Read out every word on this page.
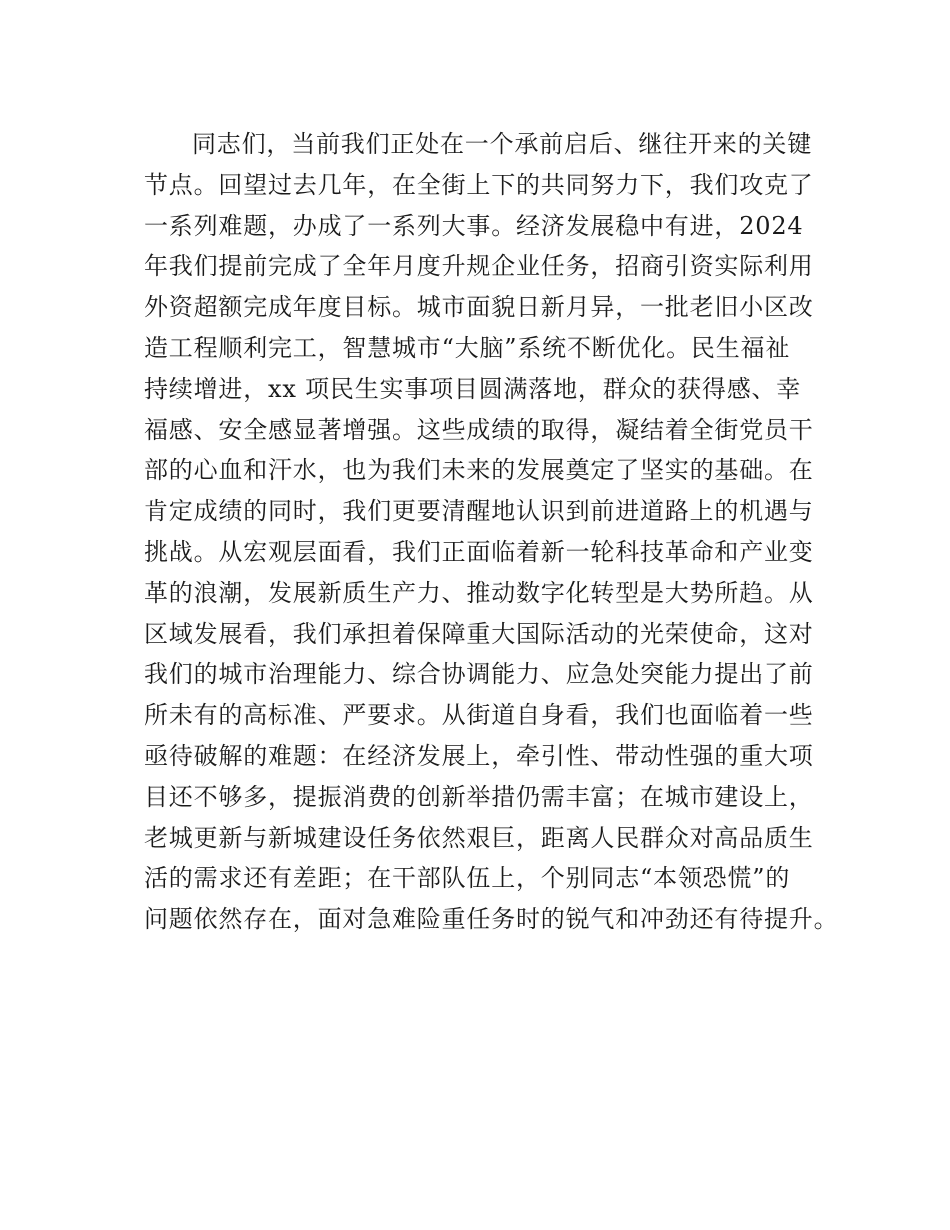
同志们，当前我们正处在一个承前启后、继往开来的关键
节点。回望过去几年，在全街上下的共同努力下，我们攻克了
一系列难题，办成了一系列大事。经济发展稳中有进，2024
年我们提前完成了全年月度升规企业任务，招商引资实际利用
外资超额完成年度目标。城市面貌日新月异，一批老旧小区改
造工程顺利完工，智慧城市“大脑”系统不断优化。民生福祉
持续增进，xx 项民生实事项目圆满落地，群众的获得感、幸
福感、安全感显著增强。这些成绩的取得，凝结着全街党员干
部的心血和汗水，也为我们未来的发展奠定了坚实的基础。在
肯定成绩的同时，我们更要清醒地认识到前进道路上的机遇与
挑战。从宏观层面看，我们正面临着新一轮科技革命和产业变
革的浪潮，发展新质生产力、推动数字化转型是大势所趋。从
区域发展看，我们承担着保障重大国际活动的光荣使命，这对
我们的城市治理能力、综合协调能力、应急处突能力提出了前
所未有的高标准、严要求。从街道自身看，我们也面临着一些
亟待破解的难题：在经济发展上，牵引性、带动性强的重大项
目还不够多，提振消费的创新举措仍需丰富；在城市建设上，
老城更新与新城建设任务依然艰巨，距离人民群众对高品质生
活的需求还有差距；在干部队伍上，个别同志“本领恐慌”的
问题依然存在，面对急难险重任务时的锐气和冲劲还有待提升。
